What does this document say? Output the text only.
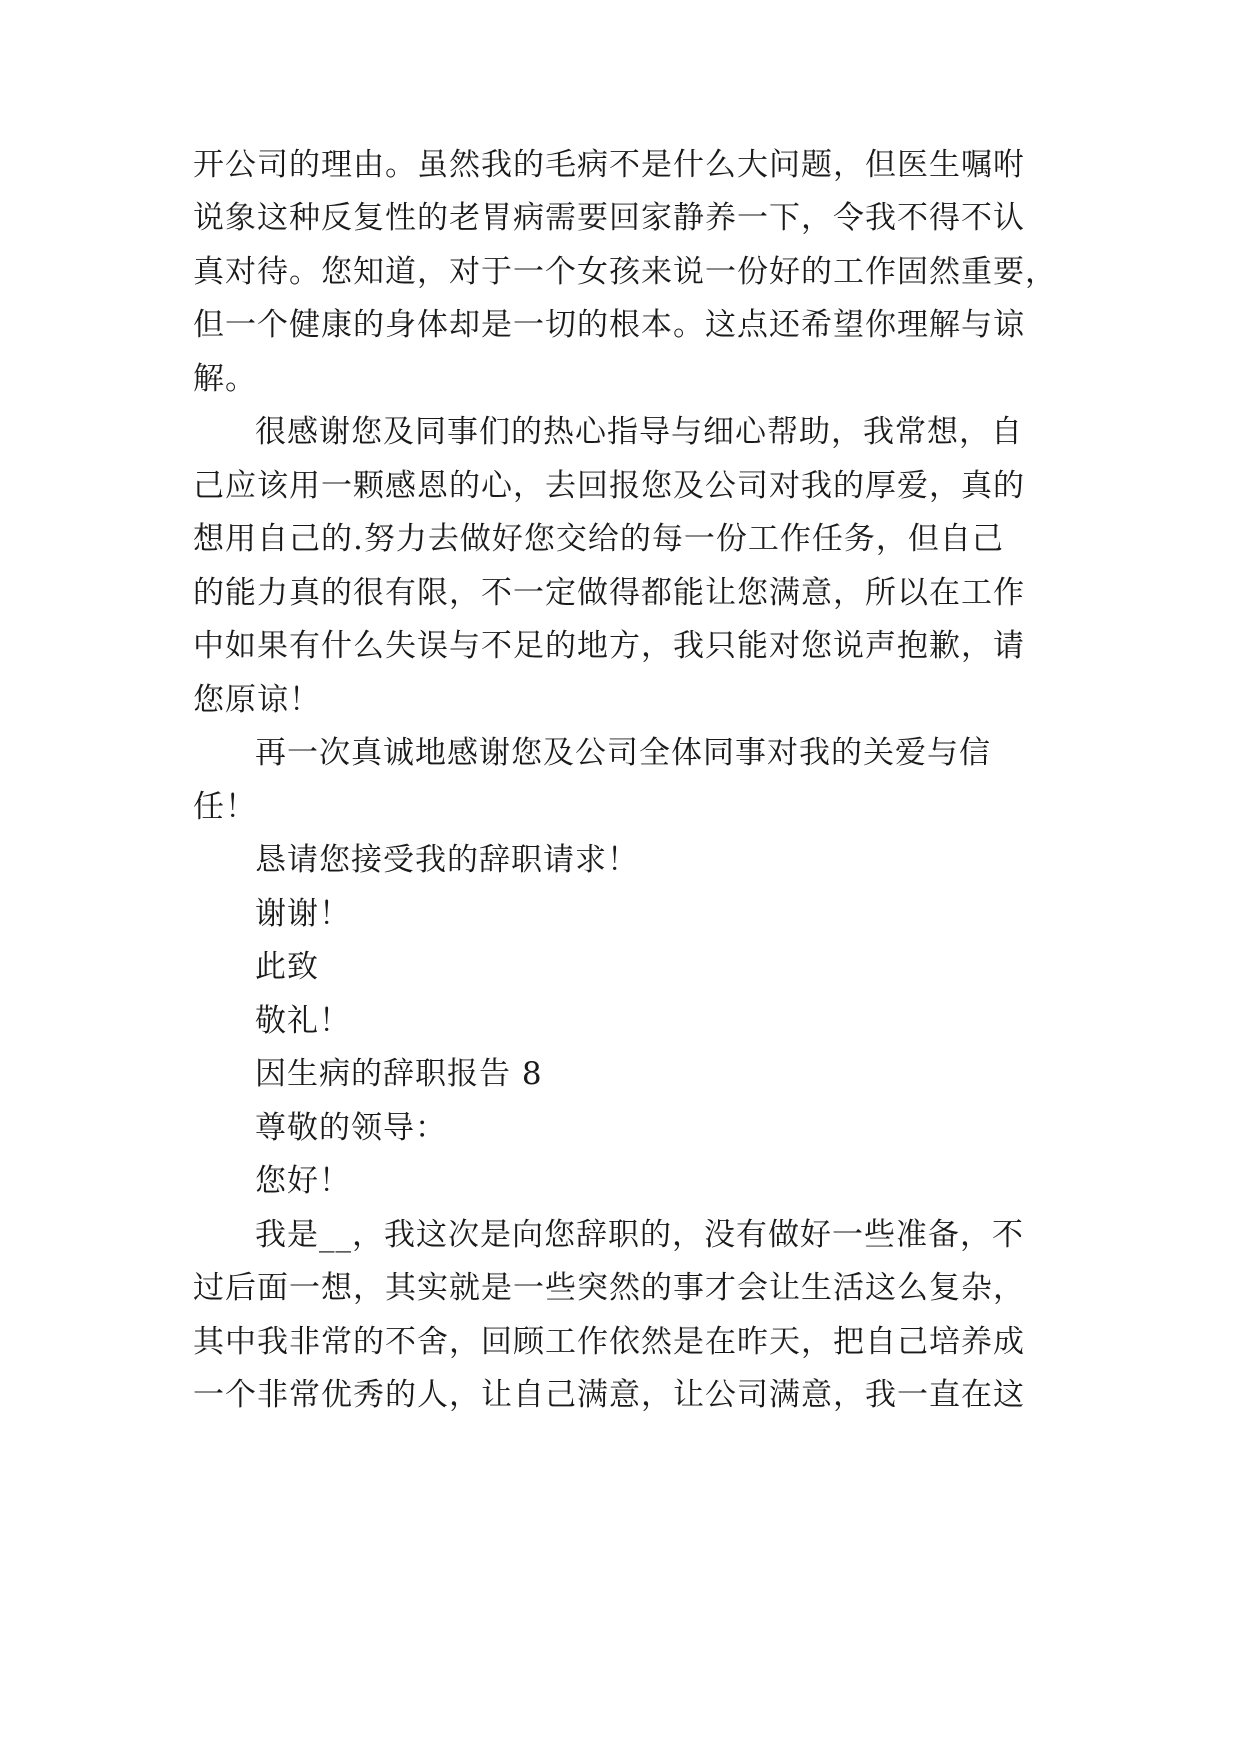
开公司的理由。虽然我的毛病不是什么大问题，但医生嘱咐
说象这种反复性的老胃病需要回家静养一下，令我不得不认
真对待。您知道，对于一个女孩来说一份好的工作固然重要，
但一个健康的身体却是一切的根本。这点还希望你理解与谅
解。
很感谢您及同事们的热心指导与细心帮助，我常想，自
己应该用一颗感恩的心，去回报您及公司对我的厚爱，真的
想用自己的.努力去做好您交给的每一份工作任务，但自己
的能力真的很有限，不一定做得都能让您满意，所以在工作
中如果有什么失误与不足的地方，我只能对您说声抱歉，请
您原谅！
再一次真诚地感谢您及公司全体同事对我的关爱与信
任！
恳请您接受我的辞职请求！
谢谢！
此致
敬礼！
因生病的辞职报告 8
尊敬的领导：
您好！
我是__，我这次是向您辞职的，没有做好一些准备，不
过后面一想，其实就是一些突然的事才会让生活这么复杂，
其中我非常的不舍，回顾工作依然是在昨天，把自己培养成
一个非常优秀的人，让自己满意，让公司满意，我一直在这
